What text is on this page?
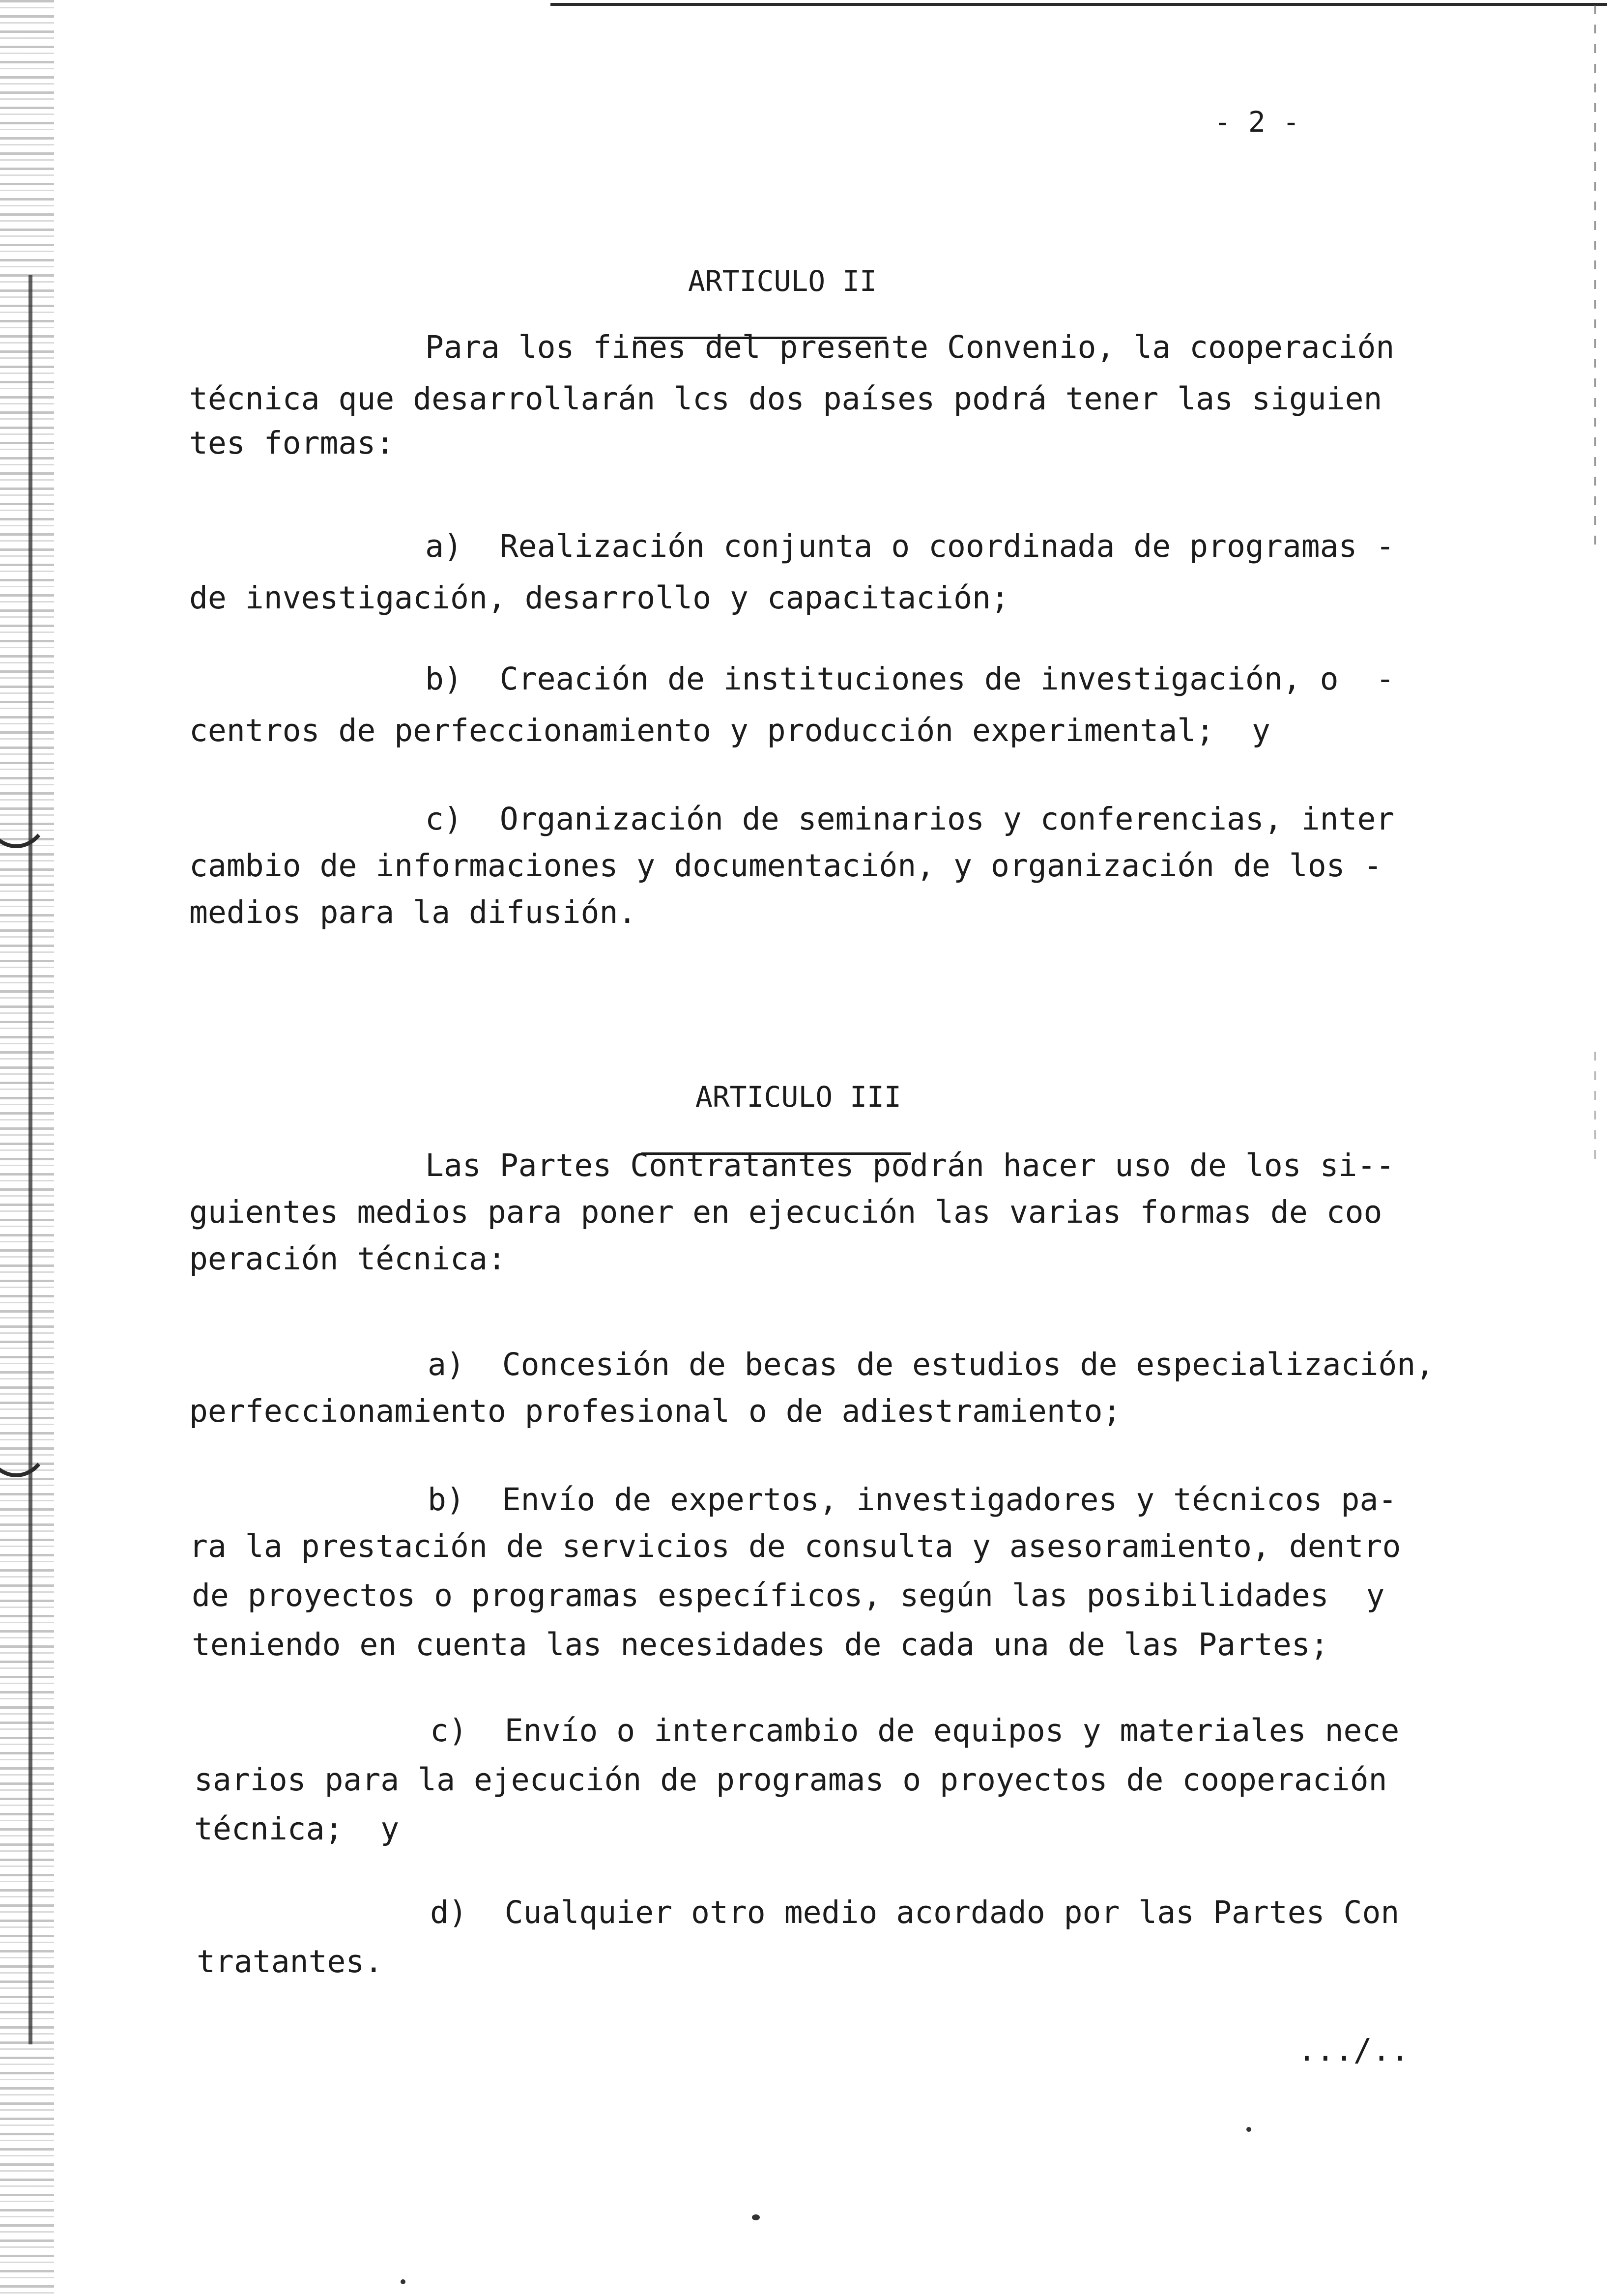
- 2 -

ARTICULO II

Para los fines del presente Convenio, la cooperación
técnica que desarrollarán lcs dos países podrá tener las siguien
tes formas:
a)  Realización conjunta o coordinada de programas -
de investigación, desarrollo y capacitación;
b)  Creación de instituciones de investigación, o  -
centros de perfeccionamiento y producción experimental;  y
c)  Organización de seminarios y conferencias, inter
cambio de informaciones y documentación, y organización de los -
medios para la difusión.

ARTICULO III

Las Partes Contratantes podrán hacer uso de los si--
guientes medios para poner en ejecución las varias formas de coo
peración técnica:
a)  Concesión de becas de estudios de especialización,
perfeccionamiento profesional o de adiestramiento;
b)  Envío de expertos, investigadores y técnicos pa-
ra la prestación de servicios de consulta y asesoramiento, dentro
de proyectos o programas específicos, según las posibilidades  y
teniendo en cuenta las necesidades de cada una de las Partes;
c)  Envío o intercambio de equipos y materiales nece
sarios para la ejecución de programas o proyectos de cooperación
técnica;  y
d)  Cualquier otro medio acordado por las Partes Con
tratantes.
.../..
